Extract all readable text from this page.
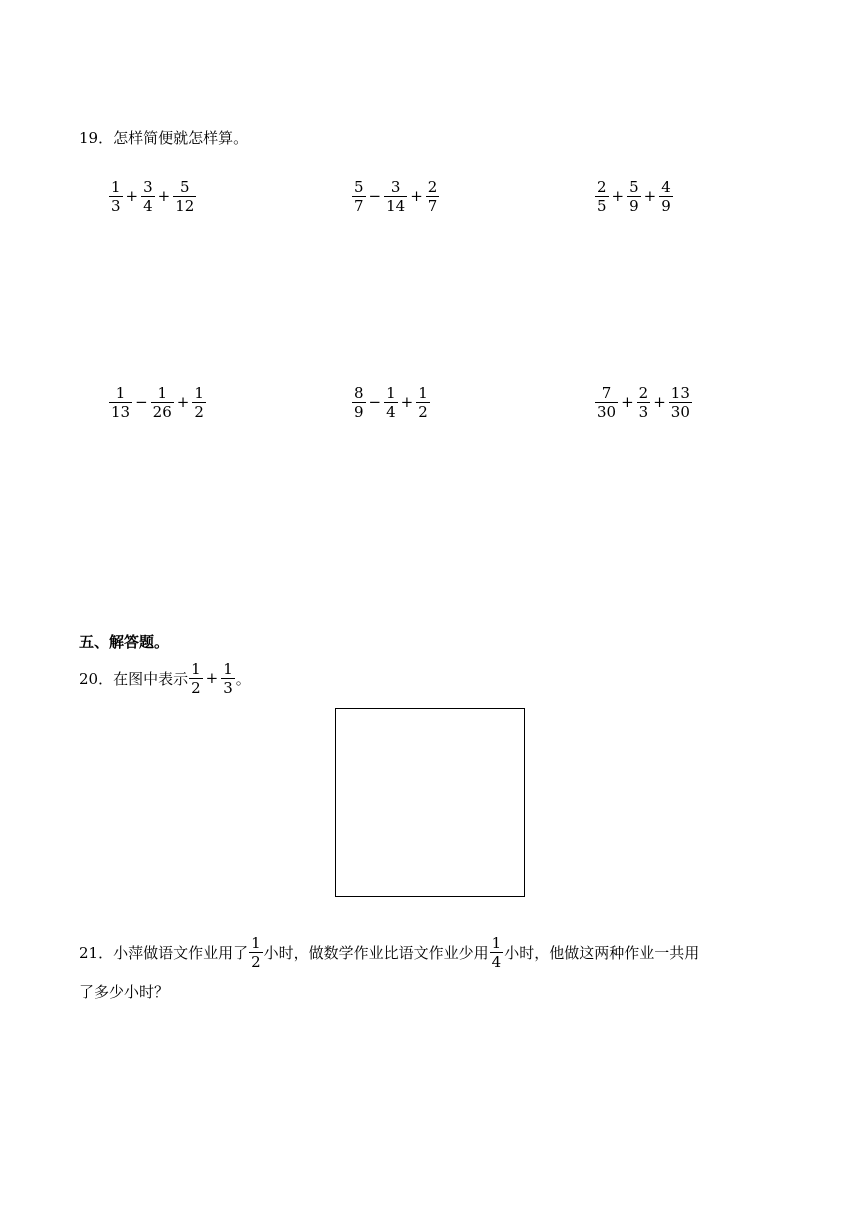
19．怎样简便就怎样算。
$\frac{1}{3} + \frac{3}{4} + \frac{5}{12}$	$\frac{5}{7} - \frac{3}{14} + \frac{2}{7}$	$\frac{2}{5} + \frac{5}{9} + \frac{4}{9}$
$\frac{1}{13} - \frac{1}{26} + \frac{1}{2}$	$\frac{8}{9} - \frac{1}{4} + \frac{1}{2}$	$\frac{7}{30} + \frac{2}{3} + \frac{13}{30}$
五、解答题。
20． 在图中表示 $\frac{1}{2} + \frac{1}{3}$ 。
21． 小萍做语文作业用了 $\frac{1}{2}$ 小时，做数学作业比语文作业少用 $\frac{1}{4}$ 小时，他做这两种作业一共用
了多少小时？
